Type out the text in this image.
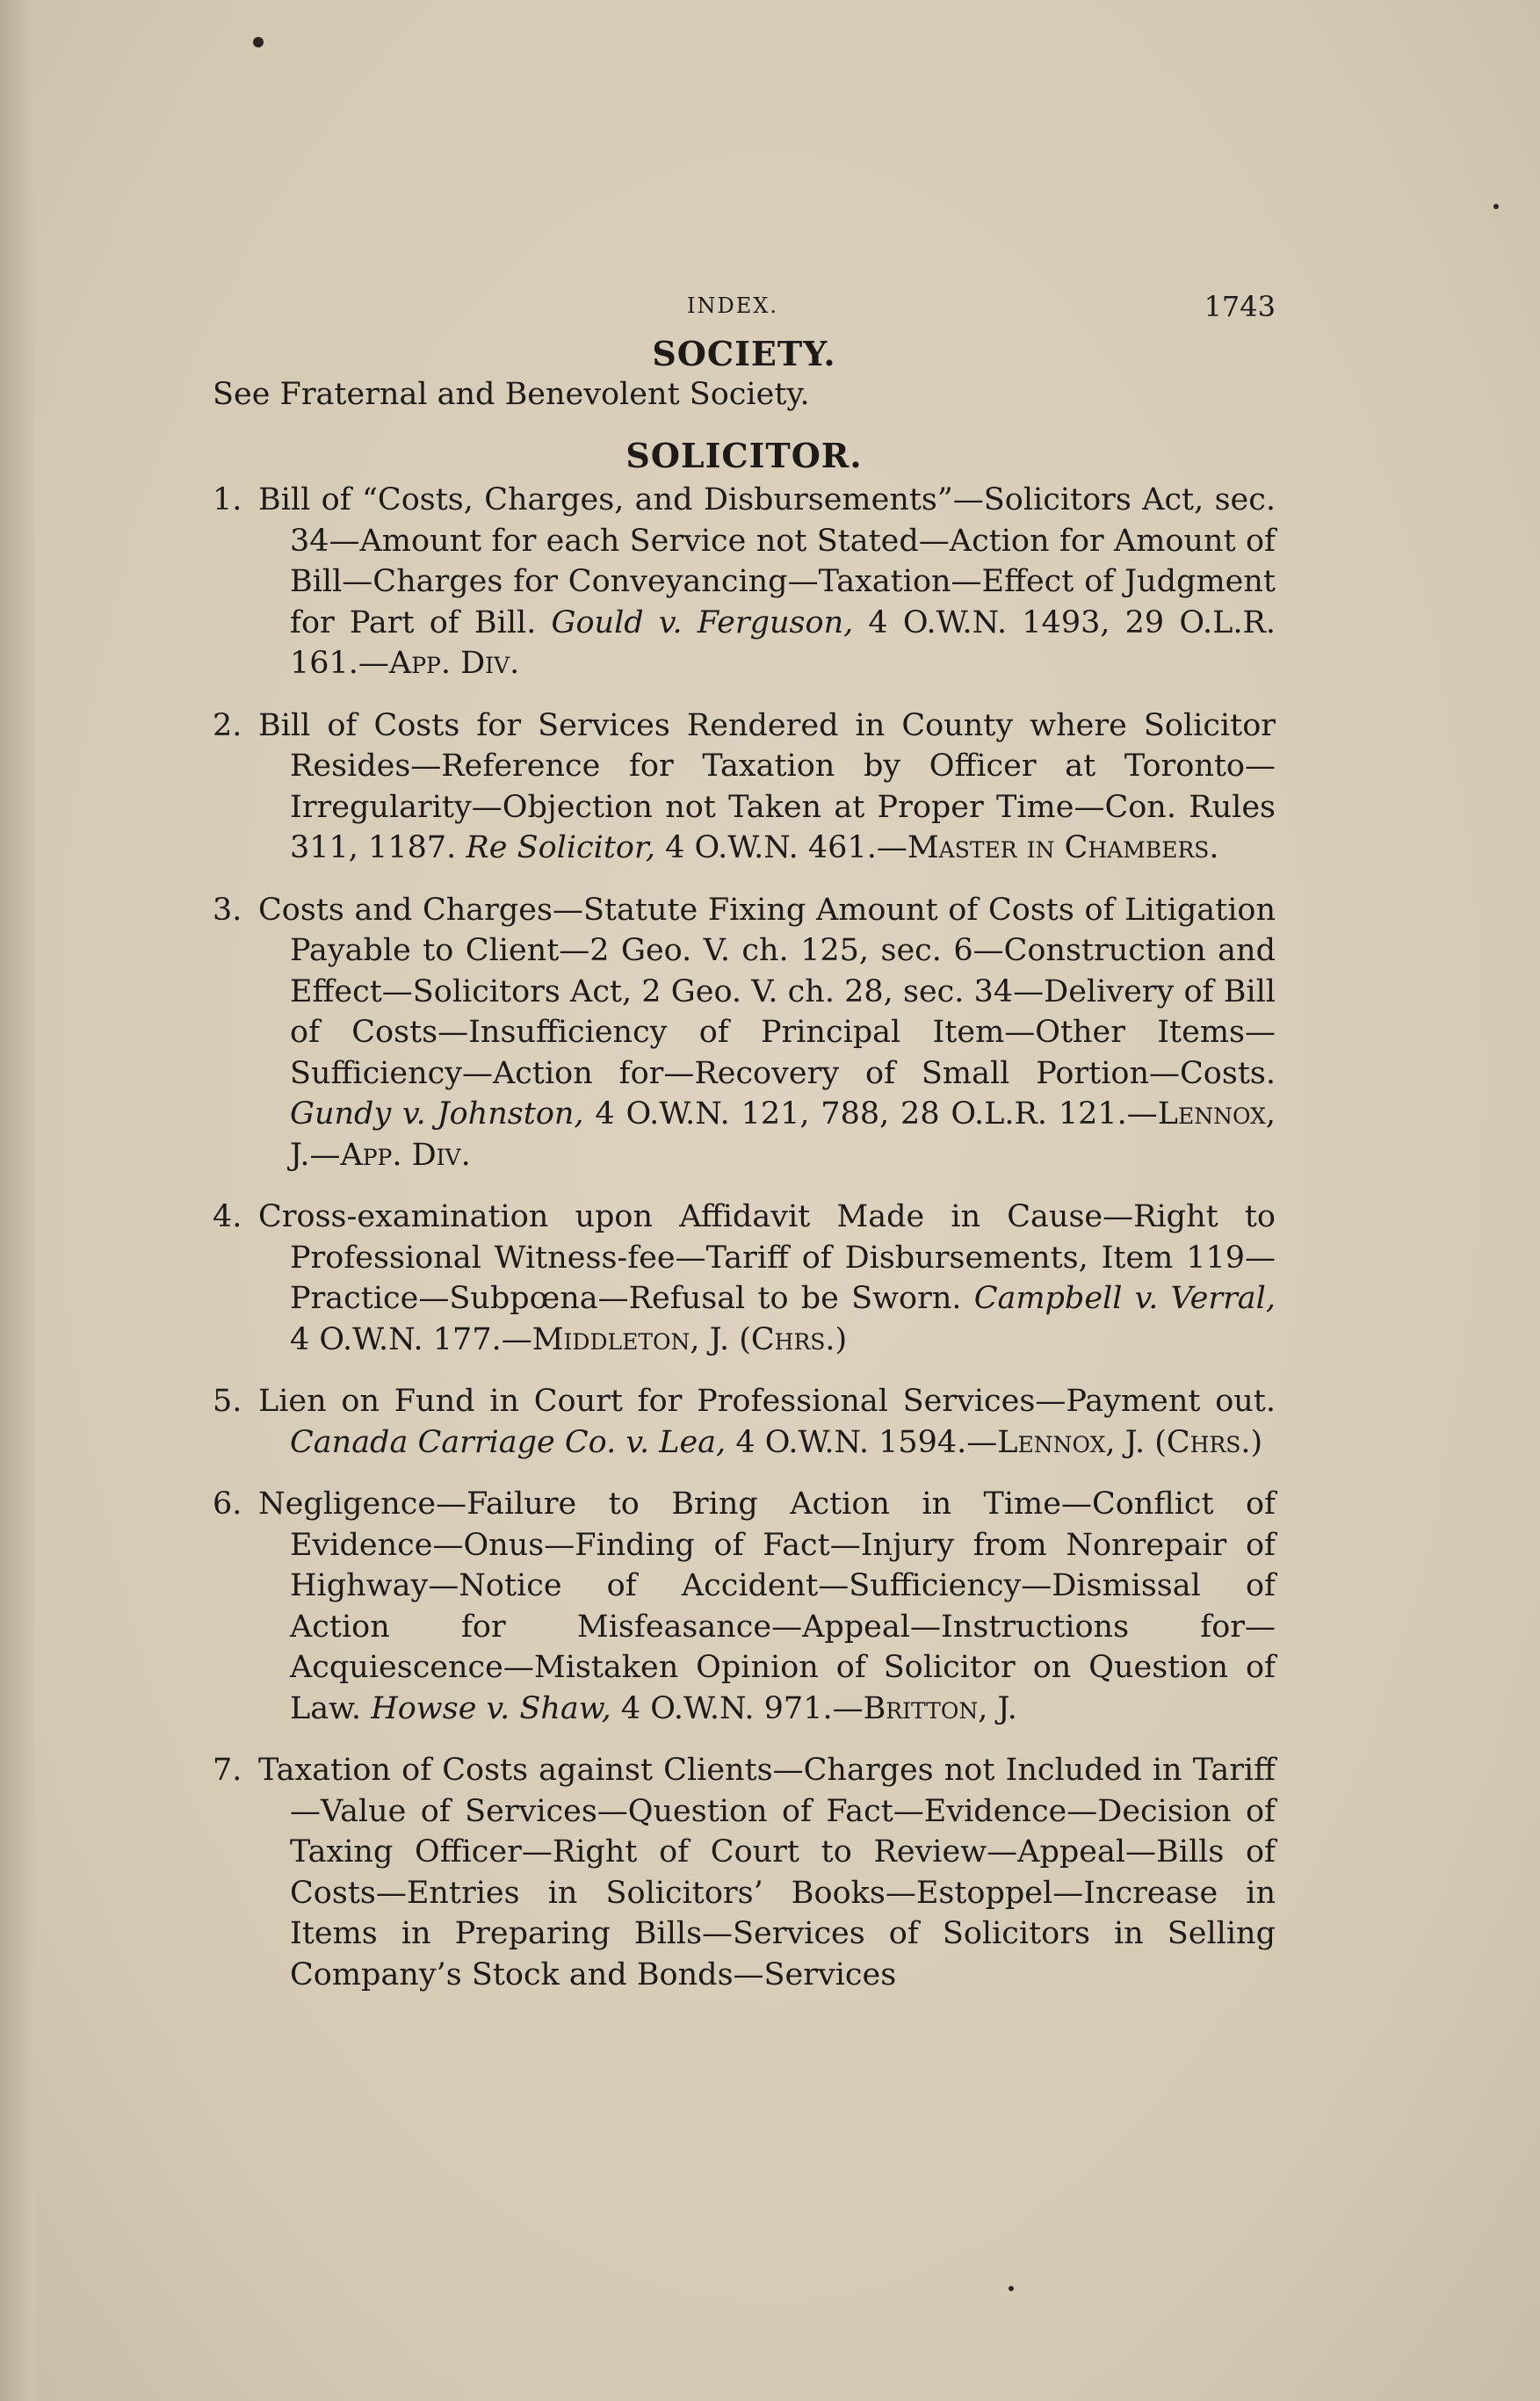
INDEX.	1743
SOCIETY.

See Fraternal and Benevolent Society.

SOLICITOR.
1. Bill of “Costs, Charges, and Disbursements”—Solicitors Act, sec. 34—Amount for each Service not Stated—Action for Amount of Bill—Charges for Conveyancing—Taxation—Effect of Judgment for Part of Bill. Gould v. Ferguson, 4 O.W.N. 1493, 29 O.L.R. 161.—App. Div.
2. Bill of Costs for Services Rendered in County where Solicitor Resides—Reference for Taxation by Officer at Toronto—Irregularity—Objection not Taken at Proper Time—Con. Rules 311, 1187. Re Solicitor, 4 O.W.N. 461.—Master in Chambers.
3. Costs and Charges—Statute Fixing Amount of Costs of Litigation Payable to Client—2 Geo. V. ch. 125, sec. 6—Construction and Effect—Solicitors Act, 2 Geo. V. ch. 28, sec. 34—Delivery of Bill of Costs—Insufficiency of Principal Item—Other Items—Sufficiency—Action for—Recovery of Small Portion—Costs. Gundy v. Johnston, 4 O.W.N. 121, 788, 28 O.L.R. 121.—Lennox, J.—App. Div.
4. Cross-examination upon Affidavit Made in Cause—Right to Professional Witness-fee—Tariff of Disbursements, Item 119—Practice—Subpœna—Refusal to be Sworn. Campbell v. Verral, 4 O.W.N. 177.—Middleton, J. (Chrs.)
5. Lien on Fund in Court for Professional Services—Payment out. Canada Carriage Co. v. Lea, 4 O.W.N. 1594.—Lennox, J. (Chrs.)
6. Negligence—Failure to Bring Action in Time—Conflict of Evidence—Onus—Finding of Fact—Injury from Nonrepair of Highway—Notice of Accident—Sufficiency—Dismissal of Action for Misfeasance—Appeal—Instructions for—Acquiescence—Mistaken Opinion of Solicitor on Question of Law. Howse v. Shaw, 4 O.W.N. 971.—Britton, J.
7. Taxation of Costs against Clients—Charges not Included in Tariff—Value of Services—Question of Fact—Evidence—Decision of Taxing Officer—Right of Court to Review—Appeal—Bills of Costs—Entries in Solicitors’ Books—Estoppel—Increase in Items in Preparing Bills—Services of Solicitors in Selling Company’s Stock and Bonds—Services
